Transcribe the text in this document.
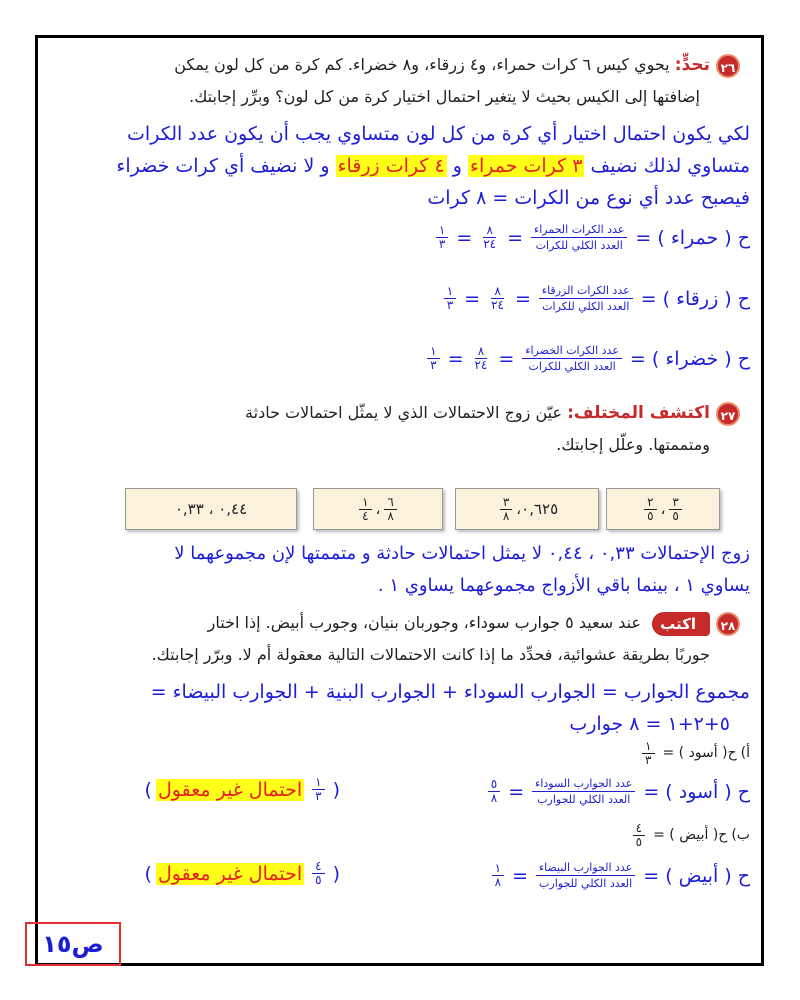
٢٦تحدٍّ: يحوي كيس ٦ كرات حمراء، و٤ زرقاء، و٨ خضراء. كم كرة من كل لون يمكن
إضافتها إلى الكيس بحيث لا يتغير احتمال اختيار كرة من كل لون؟ وبرِّر إجابتك.
لكي يكون احتمال اختيار أي كرة من كل لون متساوي يجب أن يكون عدد الكرات
متساوي لذلك نضيف ٣ كرات حمراء و ٤ كرات زرقاء و لا نضيف أي كرات خضراء
فيصبح عدد أي نوع من الكرات = ٨ كرات
ح ( حمراء ) =
$\frac{\text{عدد الكرات الحمراء}}{\text{العدد الكلي للكرات}}$
=
$\frac{٨}{٢٤}$
=
$\frac{١}{٣}$
ح ( زرقاء ) =
$\frac{\text{عدد الكرات الزرقاء}}{\text{العدد الكلي للكرات}}$
=
$\frac{٨}{٢٤}$
=
$\frac{١}{٣}$
ح ( خضراء ) =
$\frac{\text{عدد الكرات الخضراء}}{\text{العدد الكلي للكرات}}$
=
$\frac{٨}{٢٤}$
=
$\frac{١}{٣}$
٢٧اكتشف المختلف: عيّن زوج الاحتمالات الذي لا يمثّل احتمالات حادثة
ومتممتها. وعلّل إجابتك.
٠,٤٤ ، ٠,٣٣	$\frac{١}{٤}$ ، $\frac{٦}{٨}$	$\frac{٣}{٨}$ ، ٠,٦٢٥	$\frac{٢}{٥}$ ، $\frac{٣}{٥}$
زوج الإحتمالات ٠,٣٣ ، ٠,٤٤ لا يمثل احتمالات حادثة و متممتها لإن مجموعهما لا
يساوي ١ ، بينما باقي الأزواج مجموعهما يساوي ١ .
٢٨اكتب عند سعيد ٥ جوارب سوداء، وجوربان بنيان، وجورب أبيض. إذا اختار
جوربًا بطريقة عشوائية، فحدِّد ما إذا كانت الاحتمالات التالية معقولة أم لا. وبرّر إجابتك.
مجموع الجوارب = الجوارب السوداء + الجوارب البنية + الجوارب البيضاء =
٥+٢+١ = ٨ جوارب
أ)
ح( أسود ) =
$\frac{١}{٣}$
ح ( أسود ) =
$\frac{\text{عدد الجوارب السوداء}}{\text{العدد الكلي للجوارب}}$
=
$\frac{٥}{٨}$
(
$\frac{١}{٣}$
احتمال غير معقول
)
ب)
ح( أبيض ) =
$\frac{٤}{٥}$
ح ( أبيض ) =
$\frac{\text{عدد الجوارب البيضاء}}{\text{العدد الكلي للجوارب}}$
=
$\frac{١}{٨}$
(
$\frac{٤}{٥}$
احتمال غير معقول
)
ص١٥
